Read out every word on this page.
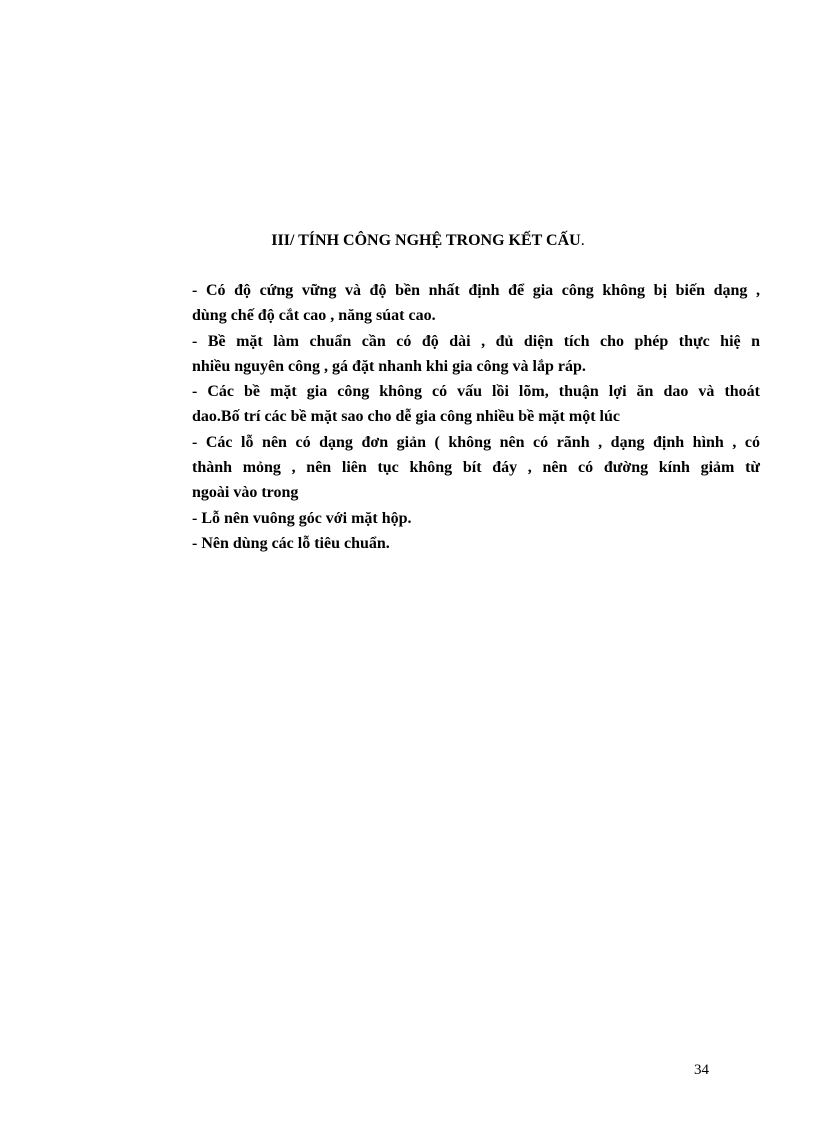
III/ TÍNH CÔNG NGHỆ TRONG KẾT CẤU.

- Có độ cứng vững và độ bền nhất định để gia công không bị biến dạng ,
dùng chế độ cắt cao , năng súat cao.

- Bề mặt làm chuẩn cần có độ dài , đủ diện tích cho phép thực hiệ n
nhiều nguyên công , gá đặt nhanh khi gia công và lắp ráp.

- Các bề mặt gia công không có vấu lồi lõm, thuận lợi ăn dao và thoát
dao.Bố trí các bề mặt sao cho dễ gia công nhiều bề mặt một lúc

- Các lỗ nên có dạng đơn giản ( không nên có rãnh , dạng định hình , có
thành mỏng , nên liên tục không bít đáy , nên có đường kính giảm từ
ngoài vào trong

- Lỗ nên vuông góc với mặt hộp.

- Nên dùng các lỗ tiêu chuẩn.

34
